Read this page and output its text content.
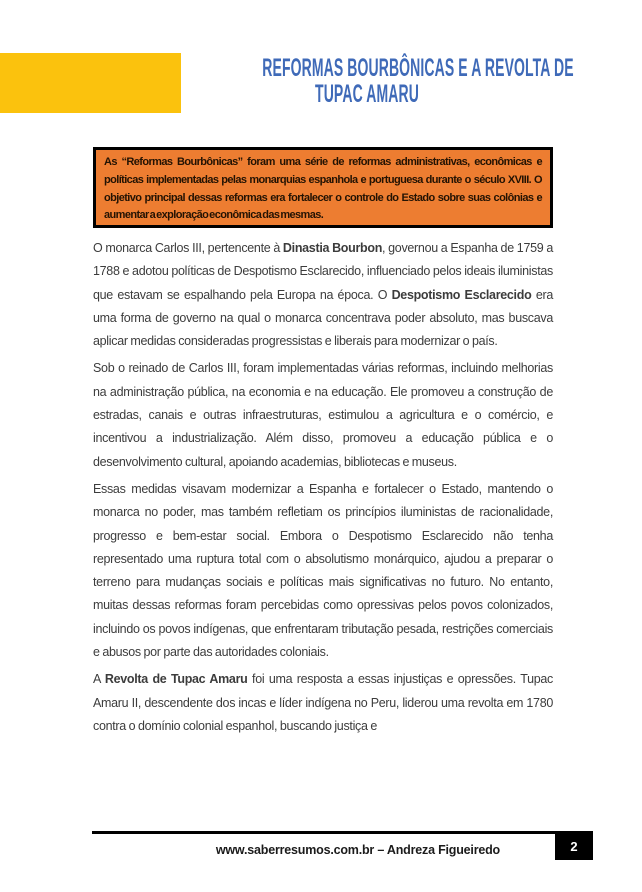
REFORMAS BOURBÔNICAS E A REVOLTA DE
TUPAC AMARU

As “Reformas Bourbônicas” foram uma série de reformas administrativas, econômicas e políticas implementadas pelas monarquias espanhola e portuguesa durante o século XVIII. O objetivo principal dessas reformas era fortalecer o controle do Estado sobre suas colônias e aumentar a exploração econômica das mesmas.

O monarca Carlos III, pertencente à Dinastia Bourbon, governou a Espanha de 1759 a 1788 e adotou políticas de Despotismo Esclarecido, influenciado pelos ideais iluministas que estavam se espalhando pela Europa na época. O Despotismo Esclarecido era uma forma de governo na qual o monarca concentrava poder absoluto, mas buscava aplicar medidas consideradas progressistas e liberais para modernizar o país.

Sob o reinado de Carlos III, foram implementadas várias reformas, incluindo melhorias na administração pública, na economia e na educação. Ele promoveu a construção de estradas, canais e outras infraestruturas, estimulou a agricultura e o comércio, e incentivou a industrialização. Além disso, promoveu a educação pública e o desenvolvimento cultural, apoiando academias, bibliotecas e museus.

Essas medidas visavam modernizar a Espanha e fortalecer o Estado, mantendo o monarca no poder, mas também refletiam os princípios iluministas de racionalidade, progresso e bem-estar social. Embora o Despotismo Esclarecido não tenha representado uma ruptura total com o absolutismo monárquico, ajudou a preparar o terreno para mudanças sociais e políticas mais significativas no futuro. No entanto, muitas dessas reformas foram percebidas como opressivas pelos povos colonizados, incluindo os povos indígenas, que enfrentaram tributação pesada, restrições comerciais e abusos por parte das autoridades coloniais.

A Revolta de Tupac Amaru foi uma resposta a essas injustiças e opressões. Tupac Amaru II, descendente dos incas e líder indígena no Peru, liderou uma revolta em 1780 contra o domínio colonial espanhol, buscando justiça e

www.saberresumos.com.br – Andreza Figueiredo	2
